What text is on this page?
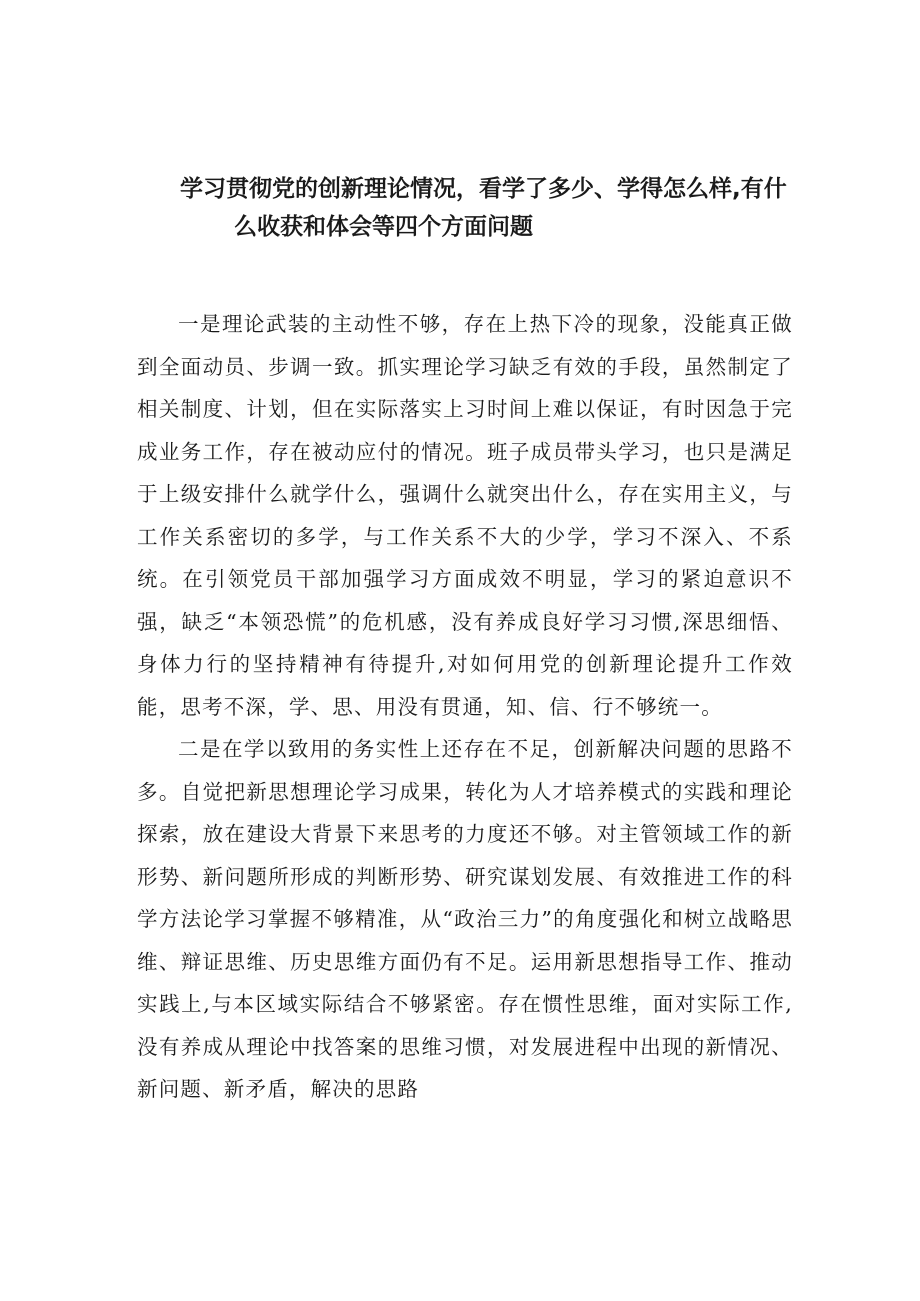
学习贯彻党的创新理论情况，看学了多少、学得怎么样,有什
么收获和体会等四个方面问题

一是理论武装的主动性不够，存在上热下冷的现象，没能真正做到全面动员、步调一致。抓实理论学习缺乏有效的手段，虽然制定了相关制度、计划，但在实际落实上习时间上难以保证，有时因急于完成业务工作，存在被动应付的情况。班子成员带头学习，也只是满足于上级安排什么就学什么，强调什么就突出什么，存在实用主义，与工作关系密切的多学，与工作关系不大的少学，学习不深入、不系统。在引领党员干部加强学习方面成效不明显，学习的紧迫意识不强，缺乏“本领恐慌”的危机感，没有养成良好学习习惯,深思细悟、身体力行的坚持精神有待提升,对如何用党的创新理论提升工作效能，思考不深，学、思、用没有贯通，知、信、行不够统一。

二是在学以致用的务实性上还存在不足，创新解决问题的思路不多。自觉把新思想理论学习成果，转化为人才培养模式的实践和理论探索，放在建设大背景下来思考的力度还不够。对主管领域工作的新形势、新问题所形成的判断形势、研究谋划发展、有效推进工作的科学方法论学习掌握不够精准，从“政治三力”的角度强化和树立战略思维、辩证思维、历史思维方面仍有不足。运用新思想指导工作、推动实践上,与本区域实际结合不够紧密。存在惯性思维，面对实际工作,没有养成从理论中找答案的思维习惯，对发展进程中出现的新情况、新问题、新矛盾，解决的思路
